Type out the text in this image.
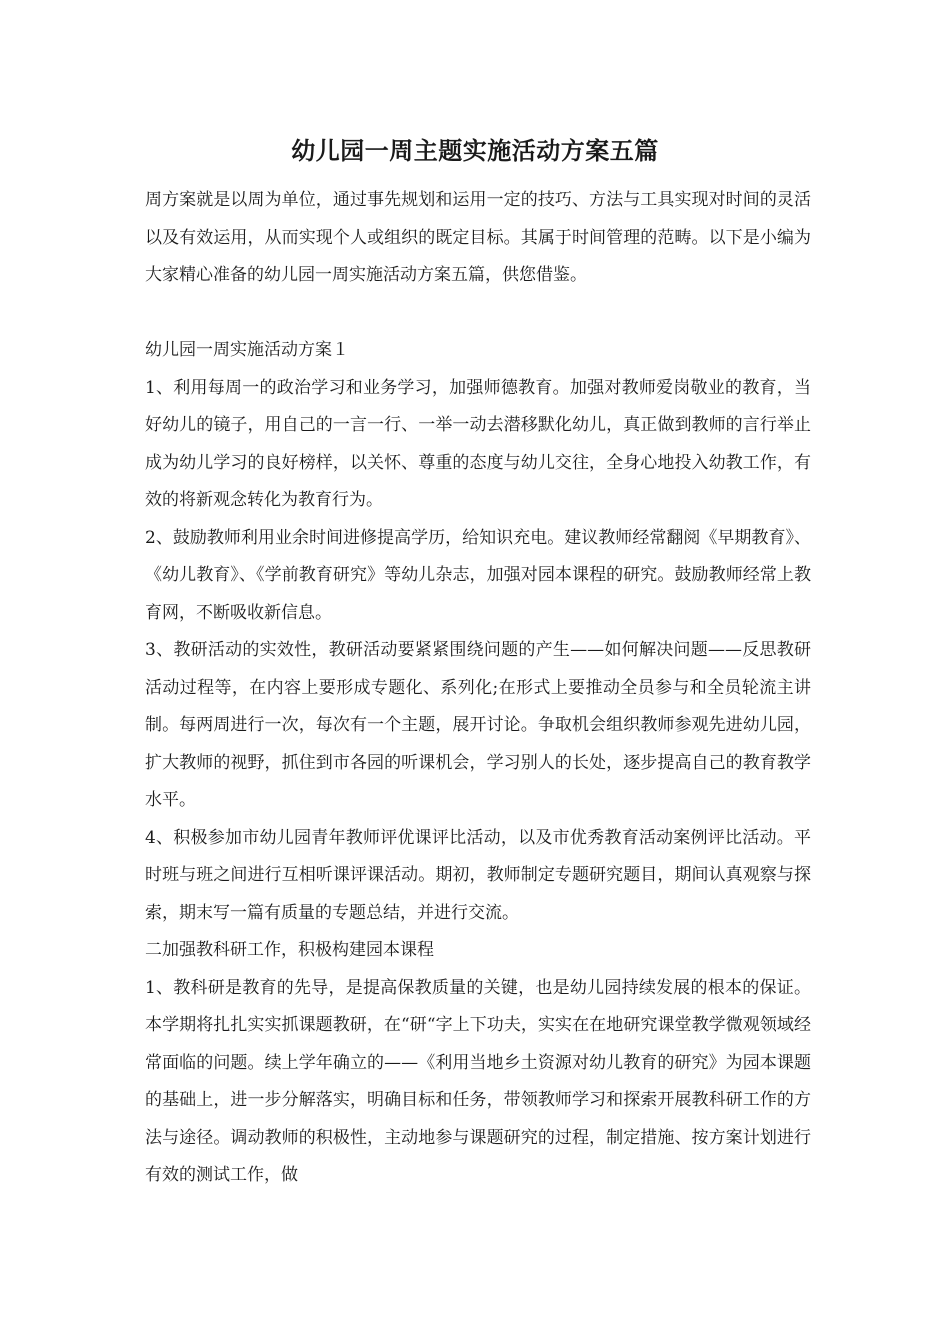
幼儿园一周主题实施活动方案五篇

周方案就是以周为单位，通过事先规划和运用一定的技巧、方法与工具实现对时间的灵活以及有效运用，从而实现个人或组织的既定目标。其属于时间管理的范畴。以下是小编为大家精心准备的幼儿园一周实施活动方案五篇，供您借鉴。

幼儿园一周实施活动方案１

1、利用每周一的政治学习和业务学习，加强师德教育。加强对教师爱岗敬业的教育，当好幼儿的镜子，用自己的一言一行、一举一动去潜移默化幼儿，真正做到教师的言行举止成为幼儿学习的良好榜样，以关怀、尊重的态度与幼儿交往，全身心地投入幼教工作，有效的将新观念转化为教育行为。

2、鼓励教师利用业余时间进修提高学历，给知识充电。建议教师经常翻阅《早期教育》、《幼儿教育》、《学前教育研究》等幼儿杂志，加强对园本课程的研究。鼓励教师经常上教育网，不断吸收新信息。

3、教研活动的实效性，教研活动要紧紧围绕问题的产生——如何解决问题——反思教研活动过程等，在内容上要形成专题化、系列化;在形式上要推动全员参与和全员轮流主讲制。每两周进行一次，每次有一个主题，展开讨论。争取机会组织教师参观先进幼儿园，扩大教师的视野，抓住到市各园的听课机会，学习别人的长处，逐步提高自己的教育教学水平。

4、积极参加市幼儿园青年教师评优课评比活动，以及市优秀教育活动案例评比活动。平时班与班之间进行互相听课评课活动。期初，教师制定专题研究题目，期间认真观察与探索，期末写一篇有质量的专题总结，并进行交流。

二加强教科研工作，积极构建园本课程

1、教科研是教育的先导，是提高保教质量的关键，也是幼儿园持续发展的根本的保证。本学期将扎扎实实抓课题教研，在“研“字上下功夫，实实在在地研究课堂教学微观领域经常面临的问题。续上学年确立的——《利用当地乡土资源对幼儿教育的研究》为园本课题的基础上，进一步分解落实，明确目标和任务，带领教师学习和探索开展教科研工作的方法与途径。调动教师的积极性，主动地参与课题研究的过程，制定措施、按方案计划进行有效的测试工作，做
